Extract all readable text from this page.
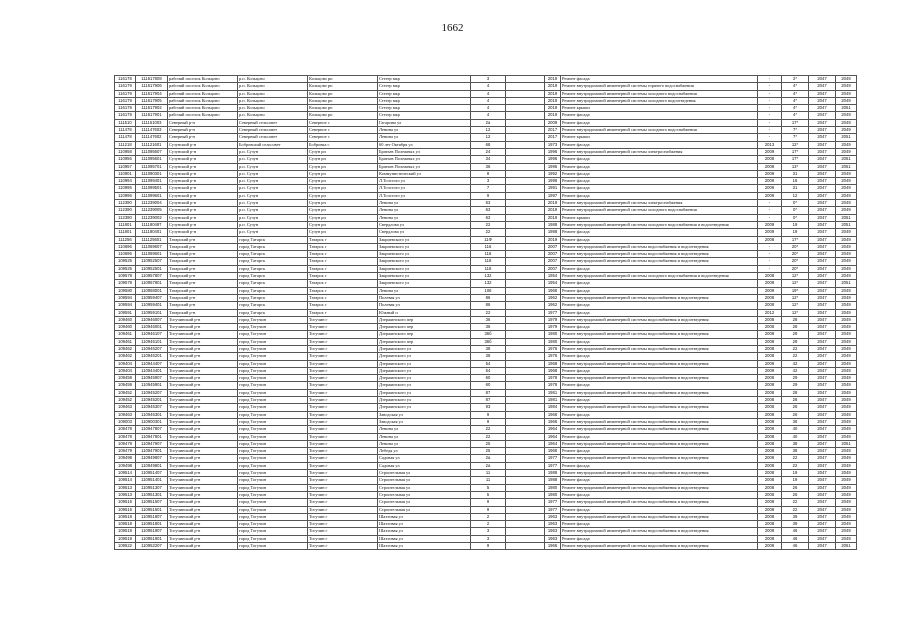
1662
116178	111617808	рабочий поселок Кольцово	р.п. Кольцово	Кольцово рп	Стегер мкр	3		2019	Ремонт фасада	-	2*	2047	2049
116179	111617906	рабочий поселок Кольцово	р.п. Кольцово	Кольцово рп	Стегер мкр	4		2019	Ремонт внутридомовой инженерной системы горячего водоснабжения	-	4*	2047	2049
116179	111617904	рабочий поселок Кольцово	р.п. Кольцово	Кольцово рп	Стегер мкр	4		2019	Ремонт внутридомовой инженерной системы холодного водоснабжения	-	4*	2047	2049
116179	111617905	рабочий поселок Кольцово	р.п. Кольцово	Кольцово рп	Стегер мкр	4		2019	Ремонт внутридомовой инженерной системы холодного водоотведения	-	4*	2047	2049
116179	111617902	рабочий поселок Кольцово	р.п. Кольцово	Кольцово рп	Стегер мкр	4		2019	Ремонт крыши	-	4*	2047	2051
116179	111617901	рабочий поселок Кольцово	р.п. Кольцово	Кольцово рп	Стегер мкр	4		2019	Ремонт фасада	-	4*	2047	2049
111510	111151003	Северный р-н	Северный сельсовет	Северное с	Гагарина ул	2а		2009	Ремонт фасада	-	17*	2047	2049
111478	111147603	Северный р-н	Северный сельсовет	Северное с	Ленина ул	12		2017	Ремонт внутридомовой инженерной системы холодного водоснабжения	-	7*	2047	2049
111478	111147602	Северный р-н	Северный сельсовет	Северное с	Ленина ул	12		2017	Ремонт крыши	-	7*	2047	2051
111218	111121601	Сузунский р-н	Бобровский сельсовет	Бобровка с	60 лет Октября ул	68		1973	Ремонт фасада	2013	12*	2047	2049
110958	111095607	Сузунский р-н	р.п. Сузун	Сузун рп	Братьев Полежных ул	24		1996	Ремонт внутридомовой инженерной системы электроснабжения	2009	17*	2047	2049
110956	111095601	Сузунский р-н	р.п. Сузун	Сузун рп	Братьев Полежных ул	34		1996	Ремонт фасада	2008	17*	2047	2051
110957	111095701	Сузунский р-н	р.п. Сузун	Сузун рп	Братьев Полежных ул	36		1995	Ремонт фасада	2008	13*	2047	2051
110901	111090301	Сузунский р-н	р.п. Сузун	Сузун рп	Коммунистический ул	8		1992	Ремонт фасада	2009	31	2047	2049
110994	111099401	Сузунский р-н	р.п. Сузун	Сузун рп	Л.Толстого ул	3		1996	Ремонт фасада	2009	16	2047	2049
110995	111099501	Сузунский р-н	р.п. Сузун	Сузун рп	Л.Толстого ул	7		1991	Ремонт фасада	2009	31	2047	2049
110996	111099601	Сузунский р-н	р.п. Сузун	Сузун рп	Л.Толстого ул	9		1997	Ремонт фасада	2009	12	2047	2049
112390	111239004	Сузунский р-н	р.п. Сузун	Сузун рп	Ленина ул	63		2019	Ремонт внутридомовой инженерной системы электроснабжения	-	0*	2047	2049
112390	111239005	Сузунский р-н	р.п. Сузун	Сузун рп	Ленина ул	63		2019	Ремонт внутридомовой инженерной системы холодного водоснабжения	-	0*	2047	2049
112390	111239002	Сузунский р-н	р.п. Сузун	Сузун рп	Ленина ул	63		2019	Ремонт крыши	-	0*	2047	2051
111801	111180497	Сузунский р-н	р.п. Сузун	Сузун рп	Свердлова ул	22		1988	Ремонт внутридомовой инженерной системы холодного водоснабжения и водоотведения	2009	19	2047	2051
111801	111180401	Сузунский р-н	р.п. Сузун	Сузун рп	Свердлова ул	22		1988	Ремонт фасада	2009	19	2047	2049
111256	111125601	Татарский р-н	город Татарск	Татарск г	Закриевского ул	11Ф		2019	Ремонт фасада	2008	17*	2047	2049
110696	111069607	Татарский р-н	город Татарск	Татарск г	Закриевского ул	116		2007	Ремонт внутридомовой инженерной системы водоснабжения и водоотведения	-	20*	2047	2049
110696	111069601	Татарский р-н	город Татарск	Татарск г	Закриевского ул	116		2007	Ремонт внутридомовой инженерной системы водоснабжения и водоотведения	-	20*	2047	2049
109525	110952507	Татарский р-н	город Татарск	Татарск г	Закриевского ул	118		2007	Ремонт внутридомовой инженерной системы водоснабжения и водоотведения	-	20*	2047	2049
109525	110952501	Татарский р-н	город Татарск	Татарск г	Закриевского ул	118		2007	Ремонт фасада	-	20*	2047	2049
109578	110957807	Татарский р-н	город Татарск	Татарск г	Закриевского ул	132		1954	Ремонт внутридомовой инженерной системы холодного водоснабжения и водоотведения	2008	12*	2047	2049
109578	110957801	Татарский р-н	город Татарск	Татарск г	Закриевского ул	132		1954	Ремонт фасада	2008	12*	2047	2051
109580	110958001	Татарский р-н	город Татарск	Татарск г	Ленина ул	106		1966	Ремонт фасада	2009	19*	2047	2049
109594	110959407	Татарский р-н	город Татарск	Татарск г	Полевая ул	86		1962	Ремонт внутридомовой инженерной системы водоснабжения и водоотведения	2008	12*	2047	2049
109594	110959401	Татарский р-н	город Татарск	Татарск г	Полевая ул	86		1962	Ремонт фасада	2008	12*	2047	2049
109591	110959101	Татарский р-н	город Татарск	Татарск г	Южный п	22		1977	Ремонт фасада	2012	12*	2047	2049
109460	110946007	Тогучинский р-н	город Тогучин	Тогучин г	Дзержинского пер	36		1979	Ремонт внутридомовой инженерной системы водоснабжения и водоотведения	2008	28	2047	2049
109460	110946001	Тогучинский р-н	город Тогучин	Тогучин г	Дзержинского пер	36		1979	Ремонт фасада	2008	28	2047	2049
109461	110946107	Тогучинский р-н	город Тогучин	Тогучин г	Дзержинского пер	36б		1980	Ремонт внутридомовой инженерной системы водоснабжения и водоотведения	2008	28	2047	2049
109461	110946101	Тогучинский р-н	город Тогучин	Тогучин г	Дзержинского пер	36б		1980	Ремонт фасада	2008	28	2047	2049
109462	110946207	Тогучинский р-н	город Тогучин	Тогучин г	Дзержинского ул	38		1976	Ремонт внутридомовой инженерной системы водоснабжения и водоотведения	2008	22	2047	2049
109462	110946201	Тогучинский р-н	город Тогучин	Тогучин г	Дзержинского ул	38		1976	Ремонт фасада	2008	22	2047	2049
109404	110944407	Тогучинский р-н	город Тогучин	Тогучин г	Дзержинского ул	54		1968	Ремонт внутридомовой инженерной системы водоснабжения и водоотведения	2009	42	2047	2049
109404	110944401	Тогучинский р-н	город Тогучин	Тогучин г	Дзержинского ул	54		1968	Ремонт фасада	2009	42	2047	2049
109459	110945907	Тогучинский р-н	город Тогучин	Тогучин г	Дзержинского ул	60		1978	Ремонт внутридомовой инженерной системы водоснабжения и водоотведения	2008	29	2047	2049
109459	110945901	Тогучинский р-н	город Тогучин	Тогучин г	Дзержинского ул	60		1978	Ремонт фасада	2008	29	2047	2049
109452	110945207	Тогучинский р-н	город Тогучин	Тогучин г	Дзержинского ул	87		1981	Ремонт внутридомовой инженерной системы водоснабжения и водоотведения	2008	28	2047	2049
109452	110945201	Тогучинский р-н	город Тогучин	Тогучин г	Дзержинского ул	87		1981	Ремонт фасада	2008	28	2047	2049
109463	110946307	Тогучинский р-н	город Тогучин	Тогучин г	Дзержинского ул	93		1984	Ремонт внутридомовой инженерной системы водоснабжения и водоотведения	2008	26	2047	2049
109463	110946301	Тогучинский р-н	город Тогучин	Тогучин г	Заводская ул	9		1966	Ремонт фасада	2008	26	2047	2049
109003	110900301	Тогучинский р-н	город Тогучин	Тогучин г	Заводская ул	9		1966	Ремонт внутридомовой инженерной системы водоснабжения и водоотведения	2008	36	2047	2049
109478	110947807	Тогучинский р-н	город Тогучин	Тогучин г	Ленина ул	22		1964	Ремонт внутридомовой инженерной системы водоснабжения и водоотведения	2009	40	2047	2049
109478	110947801	Тогучинский р-н	город Тогучин	Тогучин г	Ленина ул	22		1964	Ремонт фасада	2008	40	2047	2049
109479	110947907	Тогучинский р-н	город Тогучин	Тогучин г	Ленина ул	25		1964	Ремонт внутридомовой инженерной системы водоснабжения и водоотведения	2008	38	2047	2051
109479	110947901	Тогучинский р-н	город Тогучин	Тогучин г	Лебедя ул	25		1966	Ремонт фасада	2008	38	2047	2049
109498	110949807	Тогучинский р-н	город Тогучин	Тогучин г	Садовая ул	2а		1977	Ремонт внутридомовой инженерной системы водоснабжения и водоотведения	2008	22	2047	2049
109498	110949801	Тогучинский р-н	город Тогучин	Тогучин г	Садовая ул	2а		1977	Ремонт фасада	2008	22	2047	2049
109514	110951407	Тогучинский р-н	город Тогучин	Тогучин г	Строительная ул	11		1988	Ремонт внутридомовой инженерной системы водоснабжения и водоотведения	2008	19	2047	2049
109514	110951401	Тогучинский р-н	город Тогучин	Тогучин г	Строительная ул	11		1988	Ремонт фасада	2008	19	2047	2049
109513	110951307	Тогучинский р-н	город Тогучин	Тогучин г	Строительная ул	5		1980	Ремонт внутридомовой инженерной системы водоснабжения и водоотведения	2008	26	2047	2049
109513	110951301	Тогучинский р-н	город Тогучин	Тогучин г	Строительная ул	5		1980	Ремонт фасада	2008	26	2047	2049
109515	110951507	Тогучинский р-н	город Тогучин	Тогучин г	Строительная ул	9		1977	Ремонт внутридомовой инженерной системы водоснабжения и водоотведения	2008	22	2047	2049
109515	110951501	Тогучинский р-н	город Тогучин	Тогучин г	Строительная ул	9		1977	Ремонт фасада	2008	22	2047	2049
109518	110951807	Тогучинский р-н	город Тогучин	Тогучин г	Шахтовая ул	2		1963	Ремонт внутридомовой инженерной системы водоснабжения и водоотведения	2008	39	2047	2049
109518	110951801	Тогучинский р-н	город Тогучин	Тогучин г	Шахтовая ул	2		1963	Ремонт фасада	2008	39	2047	2049
109519	110951907	Тогучинский р-н	город Тогучин	Тогучин г	Шахтовая ул	3		1963	Ремонт внутридомовой инженерной системы водоснабжения и водоотведения	2008	46	2047	2049
109519	110951901	Тогучинский р-н	город Тогучин	Тогучин г	Шахтовая ул	3		1963	Ремонт фасада	2008	46	2047	2049
109522	110952207	Тогучинский р-н	город Тогучин	Тогучин г	Шахтовая ул	9		1966	Ремонт внутридомовой инженерной системы водоснабжения и водоотведения	2008	46	2047	2051
